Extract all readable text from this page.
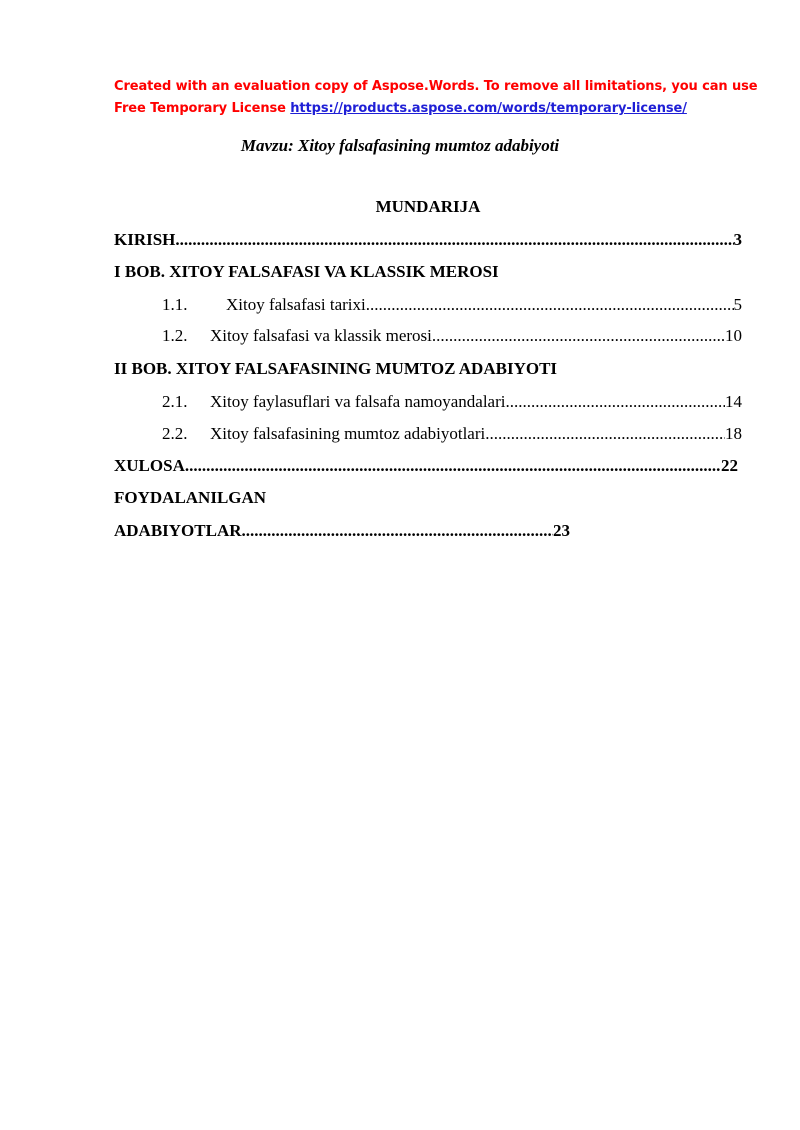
Created with an evaluation copy of Aspose.Words. To remove all limitations, you can use
Free Temporary License https://products.aspose.com/words/temporary-license/
Mavzu: Xitoy falsafasining mumtoz adabiyoti
MUNDARIJA
KIRISH .....	3
I BOB. XITOY FALSAFASI VA KLASSIK MEROSI
1.1.	Xitoy falsafasi tarixi .....	5
1.2.	Xitoy falsafasi va klassik merosi .....	10
II BOB. XITOY FALSAFASINING MUMTOZ ADABIYOTI
2.1.	Xitoy faylasuflari va falsafa namoyandalari .....	14
2.2.	Xitoy falsafasining mumtoz adabiyotlari .....	18
XULOSA .....	22
FOYDALANILGAN
ADABIYOTLAR .....	23
